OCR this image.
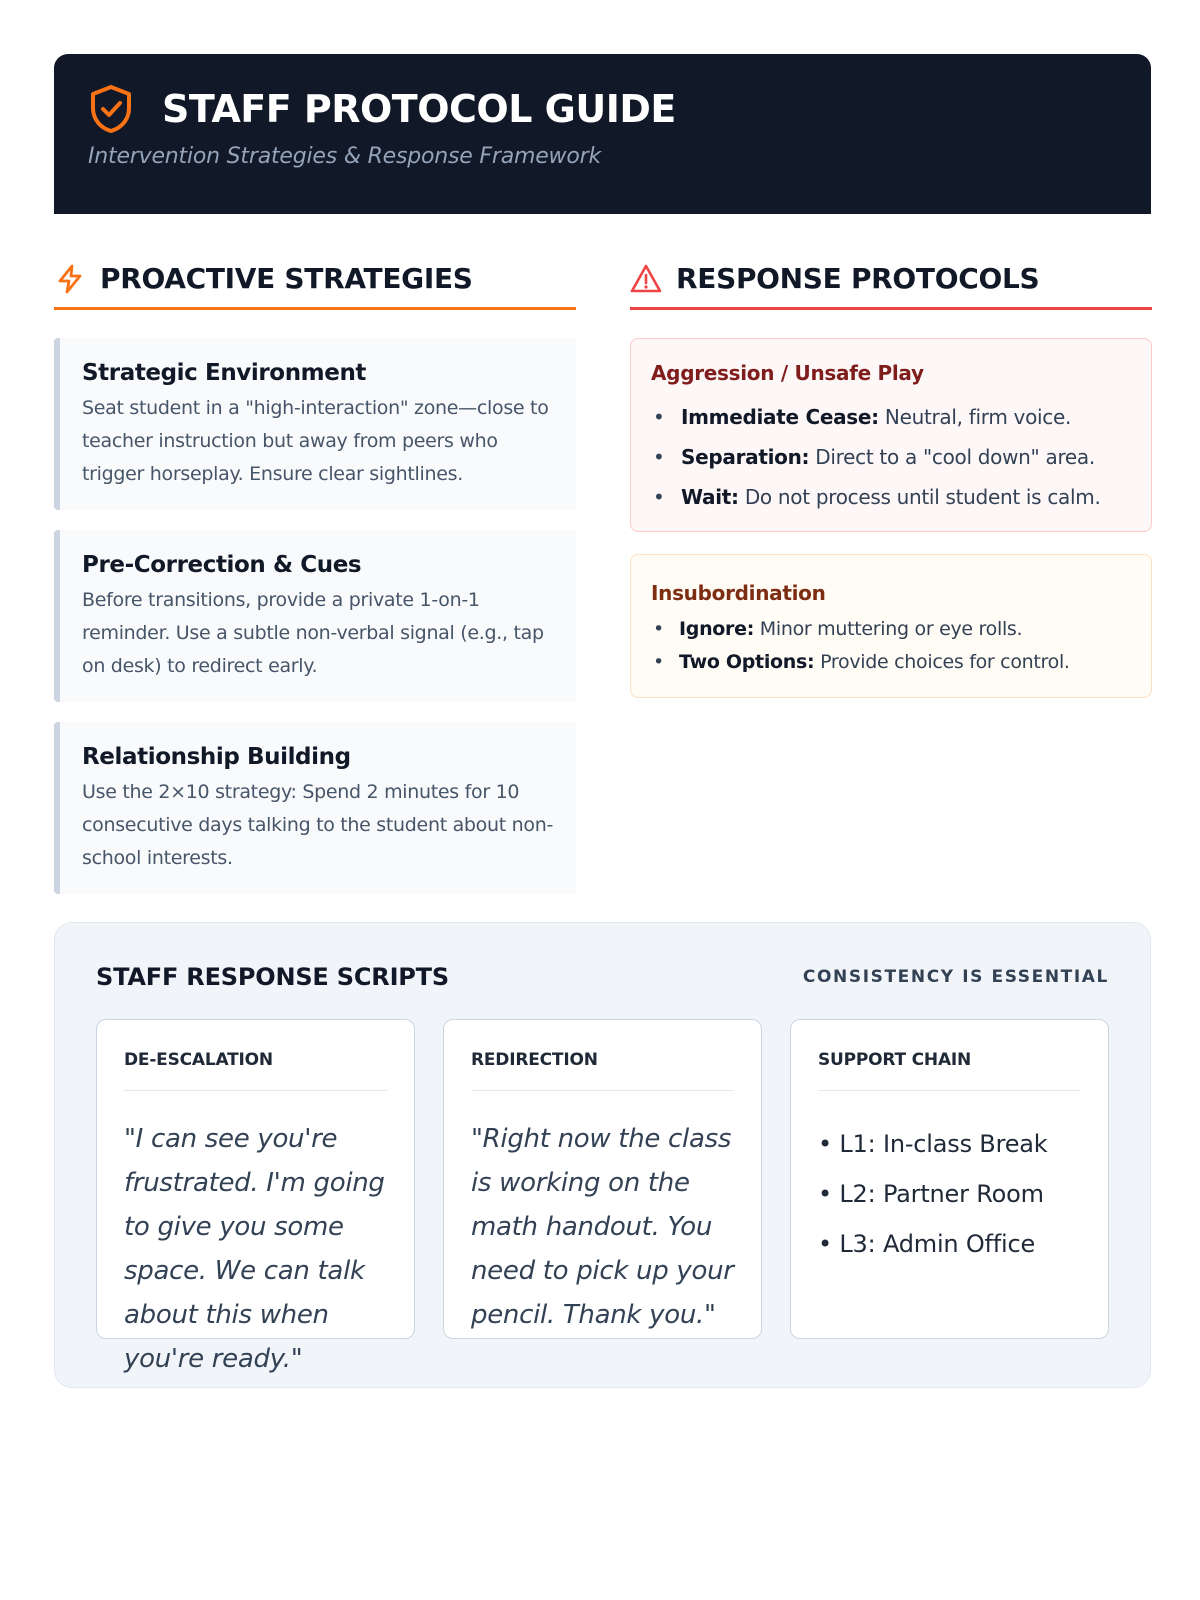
STAFF PROTOCOL GUIDE
Intervention Strategies & Response Framework
PROACTIVE STRATEGIES
Strategic Environment
Seat student in a "high-interaction" zone—close to teacher instruction but away from peers who trigger horseplay. Ensure clear sightlines.
Pre-Correction & Cues
Before transitions, provide a private 1-on-1 reminder. Use a subtle non-verbal signal (e.g., tap on desk) to redirect early.
Relationship Building
Use the 2×10 strategy: Spend 2 minutes for 10 consecutive days talking to the student about non-school interests.
RESPONSE PROTOCOLS
Aggression / Unsafe Play
• Immediate Cease: Neutral, firm voice.
• Separation: Direct to a "cool down" area.
• Wait: Do not process until student is calm.
Insubordination
• Ignore: Minor muttering or eye rolls.
• Two Options: Provide choices for control.
STAFF RESPONSE SCRIPTS	CONSISTENCY IS ESSENTIAL
DE-ESCALATION
"I can see you're frustrated. I'm going to give you some space. We can talk about this when you're ready."
REDIRECTION
"Right now the class is working on the math handout. You need to pick up your pencil. Thank you."
SUPPORT CHAIN
• L1: In-class Break
• L2: Partner Room
• L3: Admin Office
